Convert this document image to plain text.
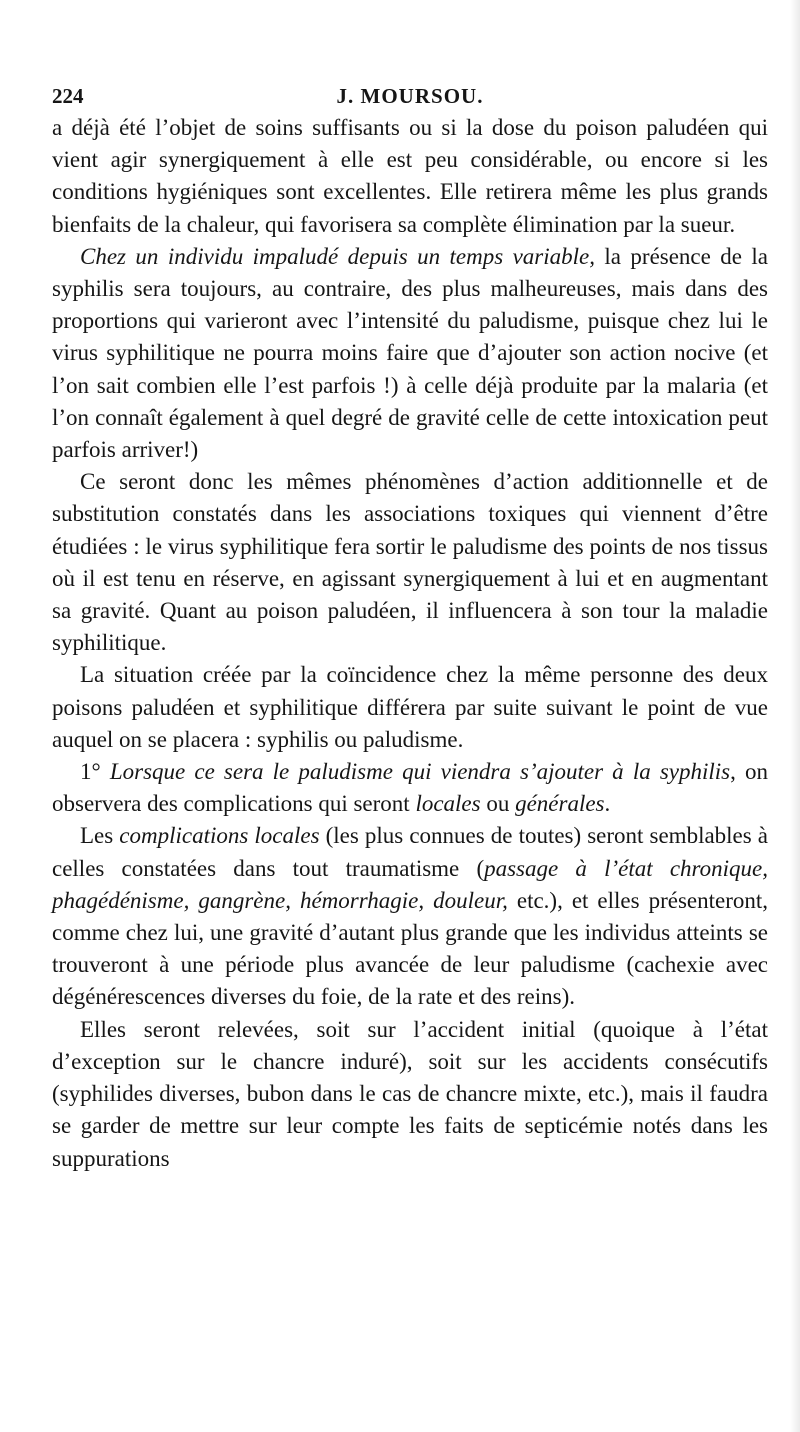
224	J. MOURSOU.

a déjà été l’objet de soins suffisants ou si la dose du poison paludéen qui vient agir synergiquement à elle est peu considérable, ou encore si les conditions hygiéniques sont excellentes. Elle retirera même les plus grands bienfaits de la chaleur, qui favorisera sa complète élimination par la sueur.

Chez un individu impaludé depuis un temps variable, la présence de la syphilis sera toujours, au contraire, des plus malheureuses, mais dans des proportions qui varieront avec l’intensité du paludisme, puisque chez lui le virus syphilitique ne pourra moins faire que d’ajouter son action nocive (et l’on sait combien elle l’est parfois !) à celle déjà produite par la malaria (et l’on connaît également à quel degré de gravité celle de cette intoxication peut parfois arriver!)

Ce seront donc les mêmes phénomènes d’action additionnelle et de substitution constatés dans les associations toxiques qui viennent d’être étudiées : le virus syphilitique fera sortir le paludisme des points de nos tissus où il est tenu en réserve, en agissant synergiquement à lui et en augmentant sa gravité. Quant au poison paludéen, il influencera à son tour la maladie syphilitique.

La situation créée par la coïncidence chez la même personne des deux poisons paludéen et syphilitique différera par suite suivant le point de vue auquel on se placera : syphilis ou paludisme.

1° Lorsque ce sera le paludisme qui viendra s’ajouter à la syphilis, on observera des complications qui seront locales ou générales.

Les complications locales (les plus connues de toutes) seront semblables à celles constatées dans tout traumatisme (passage à l’état chronique, phagédénisme, gangrène, hémorrhagie, douleur, etc.), et elles présenteront, comme chez lui, une gravité d’autant plus grande que les individus atteints se trouveront à une période plus avancée de leur paludisme (cachexie avec dégénérescences diverses du foie, de la rate et des reins).

Elles seront relevées, soit sur l’accident initial (quoique à l’état d’exception sur le chancre induré), soit sur les accidents consécutifs (syphilides diverses, bubon dans le cas de chancre mixte, etc.), mais il faudra se garder de mettre sur leur compte les faits de septicémie notés dans les suppurations
